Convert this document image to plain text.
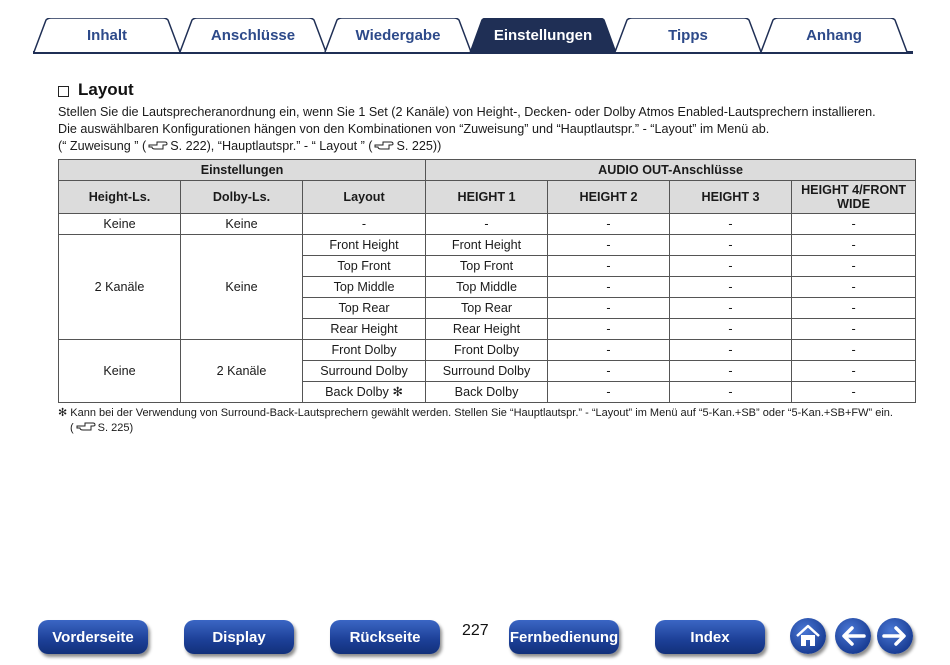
Inhalt	Anschlüsse	Wiedergabe	Einstellungen	Tipps	Anhang
Layout
Stellen Sie die Lautsprecheranordnung ein, wenn Sie 1 Set (2 Kanäle) von Height-, Decken- oder Dolby Atmos Enabled-Lautsprechern installieren.
Die auswählbaren Konfigurationen hängen von den Kombinationen von “Zuweisung” und “Hauptlautspr.” - “Layout” im Menü ab.
(“ Zuweisung ” ( S. 222), “Hauptlautspr.” - “ Layout ” ( S. 225))
Einstellungen			AUDIO OUT-Anschlüsse			
Height-Ls.	Dolby-Ls.	Layout	HEIGHT 1	HEIGHT 2	HEIGHT 3	HEIGHT 4/FRONT WIDE
Keine	Keine	-	-	-	-	-
2 Kanäle	Keine	Front Height	Front Height	-	-	-
		Top Front	Top Front	-	-	-
		Top Middle	Top Middle	-	-	-
		Top Rear	Top Rear	-	-	-
		Rear Height	Rear Height	-	-	-
Keine	2 Kanäle	Front Dolby	Front Dolby	-	-	-
		Surround Dolby	Surround Dolby	-	-	-
		Back Dolby ✻	Back Dolby	-	-	-
✻ Kann bei der Verwendung von Surround-Back-Lautsprechern gewählt werden. Stellen Sie “Hauptlautspr.” - “Layout” im Menü auf “5-Kan.+SB” oder “5-Kan.+SB+FW” ein.
( S. 225)
Vorderseite	Display	Rückseite	227 Fernbedienung	Index
